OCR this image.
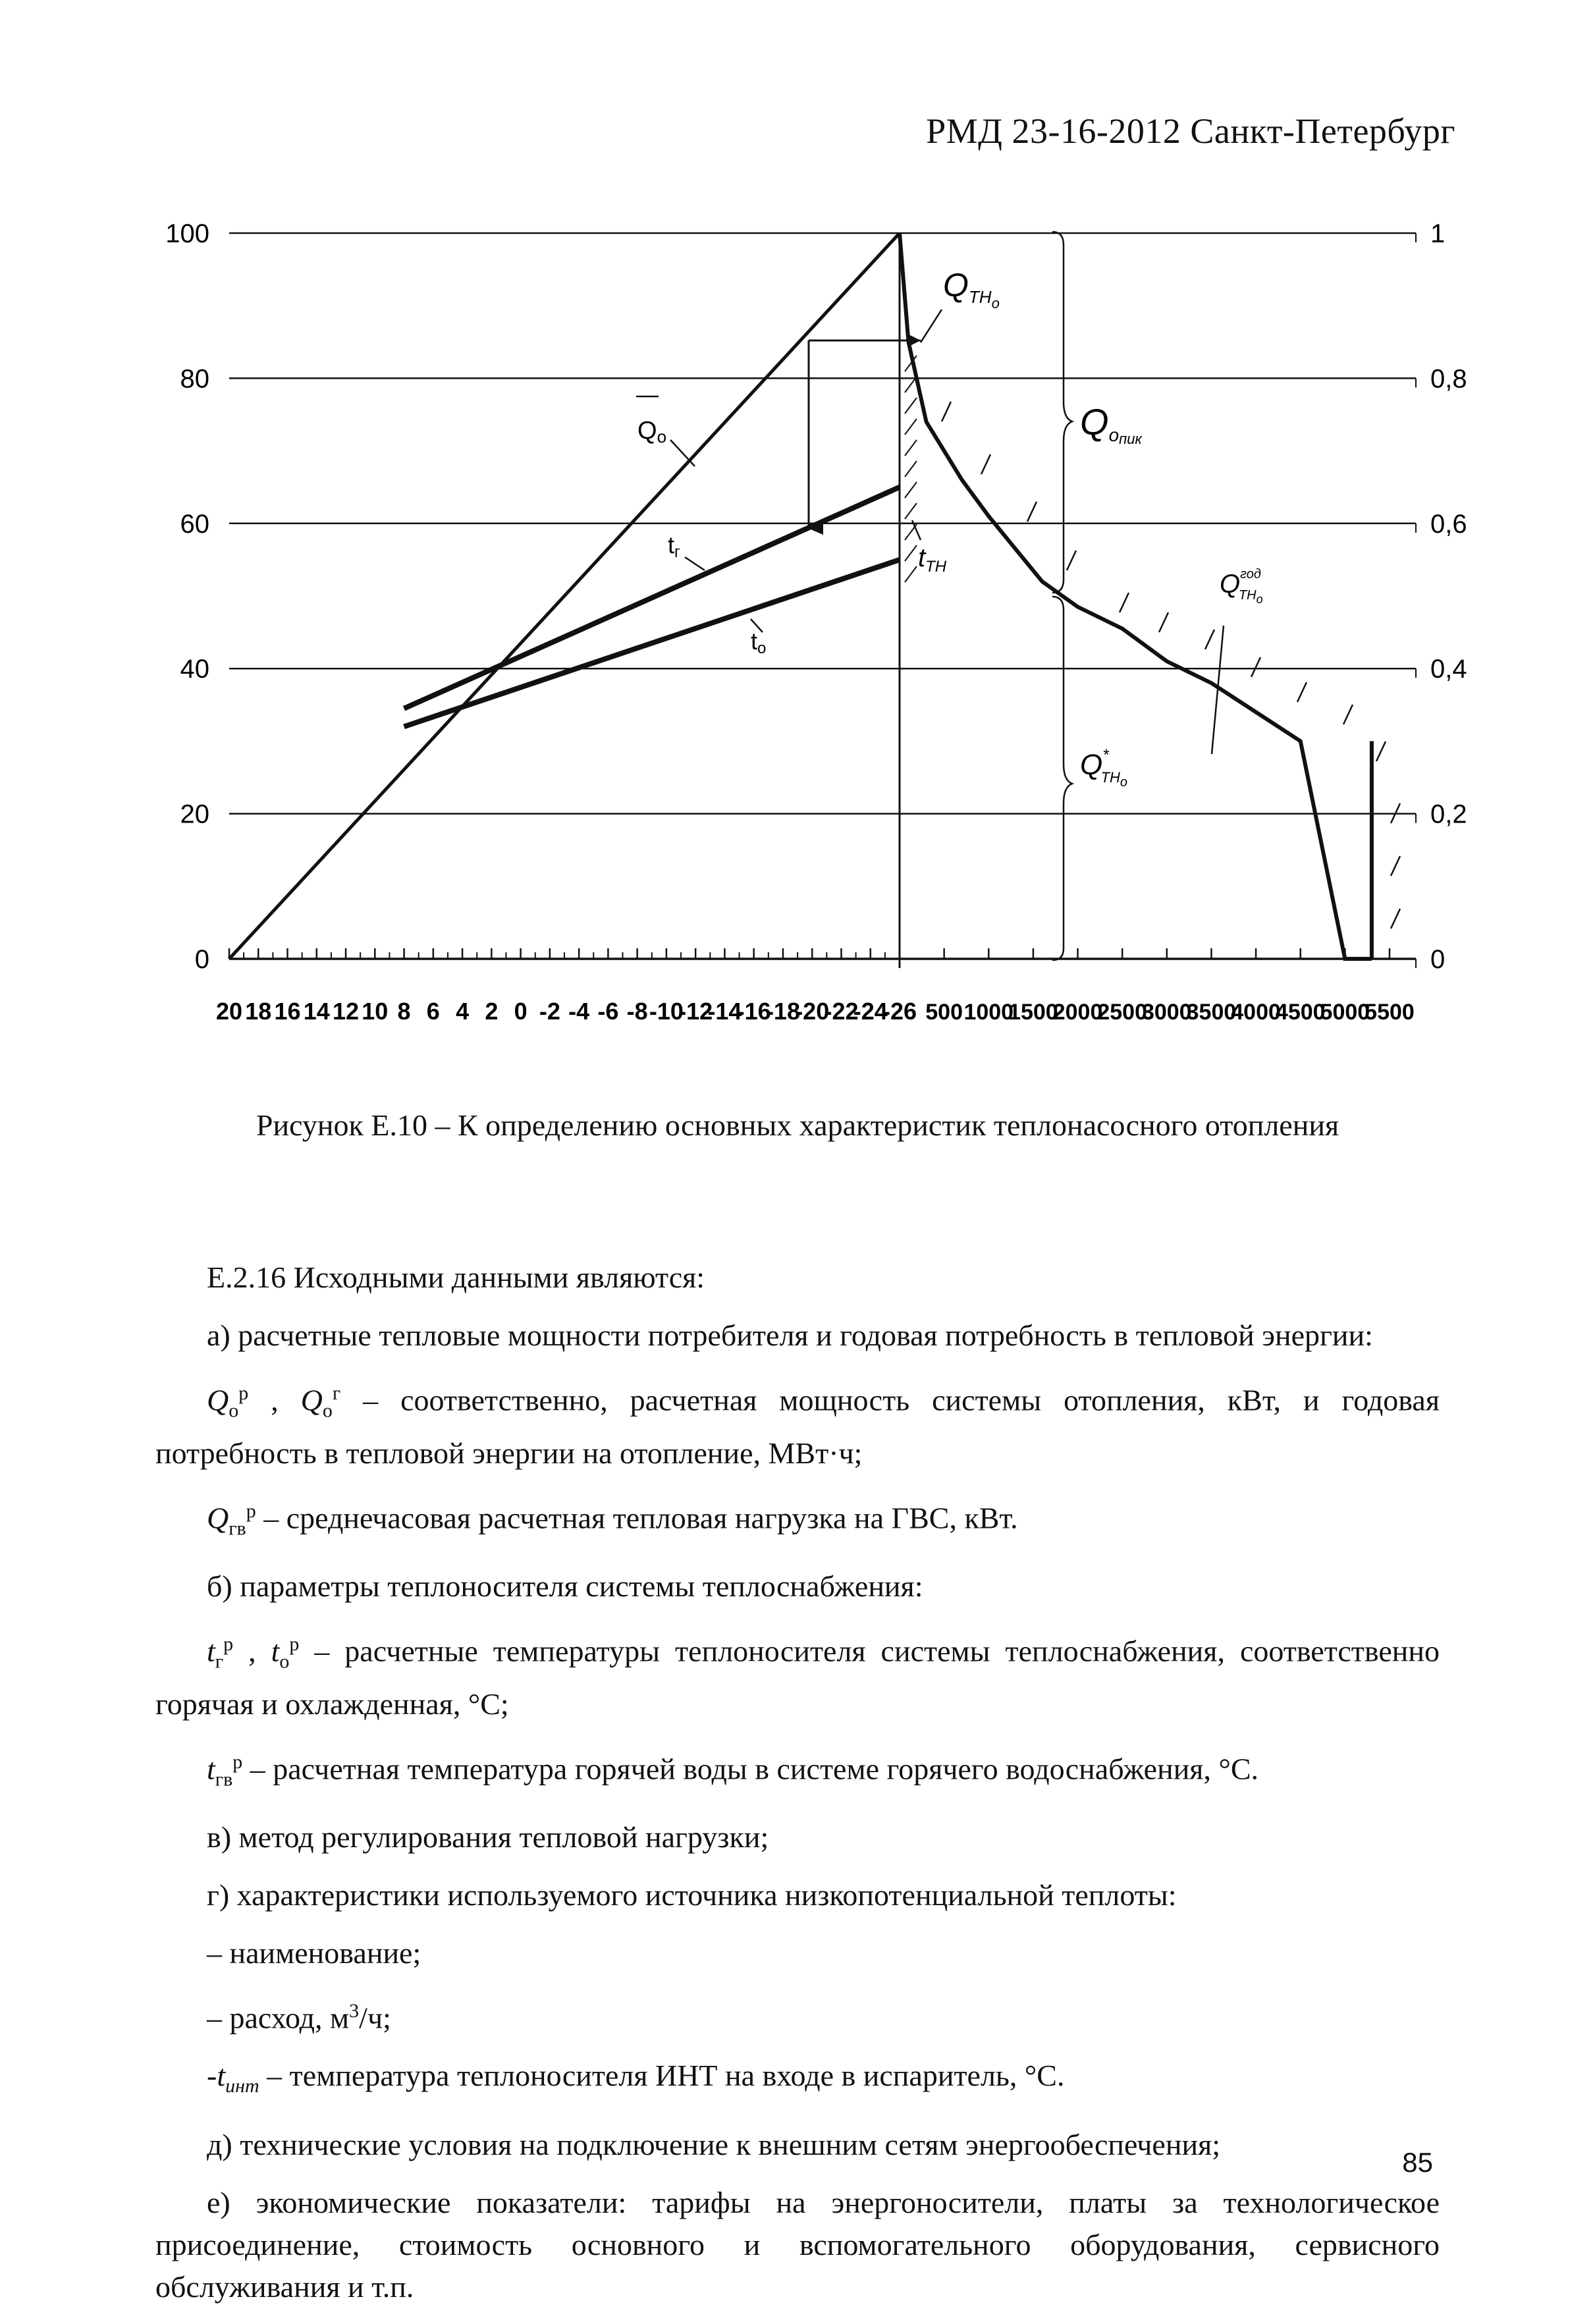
РМД 23-16-2012 Санкт-Петербург
0
20
40
60
80
100
0
0,2
0,4
0,6
0,8
1
20 18 16 14 12 10 8 6 4 2 0 -2 -4 -6 -8 -10
-12
-14
-16
-18
-20
-22
-24
-26 500 1000
1500
2000
2500
3000
3500
4000
4500
5000
5500
Qо
$Q_{ТН}о$
Qопик
tг
tо
$t_{ТН}$
$Q^{год}$ ТНо
Q* ТНо
Рисунок Е.10 – К определению основных характеристик теплонасосного отопления

Е.2.16 Исходными данными являются:

а) расчетные тепловые мощности потребителя и годовая потребность в тепловой энергии:

$Q_о^р$ , $Q_о^г$ – соответственно, расчетная мощность системы отопления, кВт, и годовая потребность в тепловой энергии на отопление, МВт·ч;

$Q_{гв}^р$ – среднечасовая расчетная тепловая нагрузка на ГВС, кВт.

б) параметры теплоносителя системы теплоснабжения:

$t_г^р$ , $t_о^р$ – расчетные температуры теплоносителя системы теплоснабжения, соответственно горячая и охлажденная, °С;

$t_{гв}^р$ – расчетная температура горячей воды в системе горячего водоснабжения, °С.

в) метод регулирования тепловой нагрузки;

г) характеристики используемого источника низкопотенциальной теплоты:

– наименование;

– расход, $м^3/ч$;

$-t_{инт}$ – температура теплоносителя ИНТ на входе в испаритель, °С.

д) технические условия на подключение к внешним сетям энергообеспечения;

е) экономические показатели: тарифы на энергоносители, платы за технологическое присоединение, стоимость основного и вспомогательного оборудования, сервисного обслуживания и т.п.

85
